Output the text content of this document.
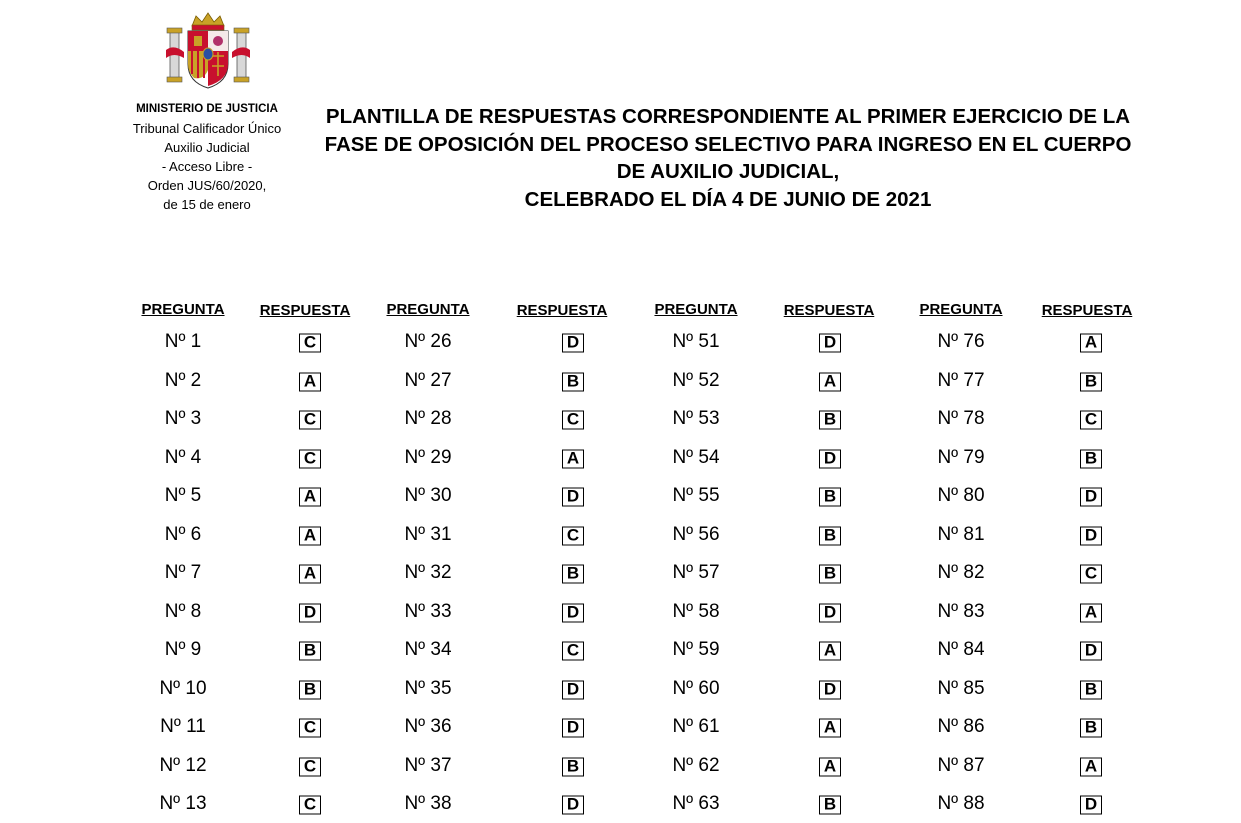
MINISTERIO DE JUSTICIA
Tribunal Calificador Único
Auxilio Judicial
- Acceso Libre -
Orden JUS/60/2020,
de 15 de enero
PLANTILLA DE RESPUESTAS CORRESPONDIENTE AL PRIMER EJERCICIO DE LA
FASE DE OPOSICIÓN DEL PROCESO SELECTIVO PARA INGRESO EN EL CUERPO
DE AUXILIO JUDICIAL,
CELEBRADO EL DÍA 4 DE JUNIO DE 2021
PREGUNTA RESPUESTA
Nº 1	C
Nº 2	A
Nº 3	C
Nº 4	C
Nº 5	A
Nº 6	A
Nº 7	A
Nº 8	D
Nº 9	B
Nº 10	B
Nº 11	C
Nº 12	C
Nº 13	C
PREGUNTA	RESPUESTA
Nº 26	D
Nº 27	B
Nº 28	C
Nº 29	A
Nº 30	D
Nº 31	C
Nº 32	B
Nº 33	D
Nº 34	C
Nº 35	D
Nº 36	D
Nº 37	B
Nº 38	D
PREGUNTA	RESPUESTA
Nº 51	D
Nº 52	A
Nº 53	B
Nº 54	D
Nº 55	B
Nº 56	B
Nº 57	B
Nº 58	D
Nº 59	A
Nº 60	D
Nº 61	A
Nº 62	A
Nº 63	B
PREGUNTA	RESPUESTA
Nº 76	A
Nº 77	B
Nº 78	C
Nº 79	B
Nº 80	D
Nº 81	D
Nº 82	C
Nº 83	A
Nº 84	D
Nº 85	B
Nº 86	B
Nº 87	A
Nº 88	D
